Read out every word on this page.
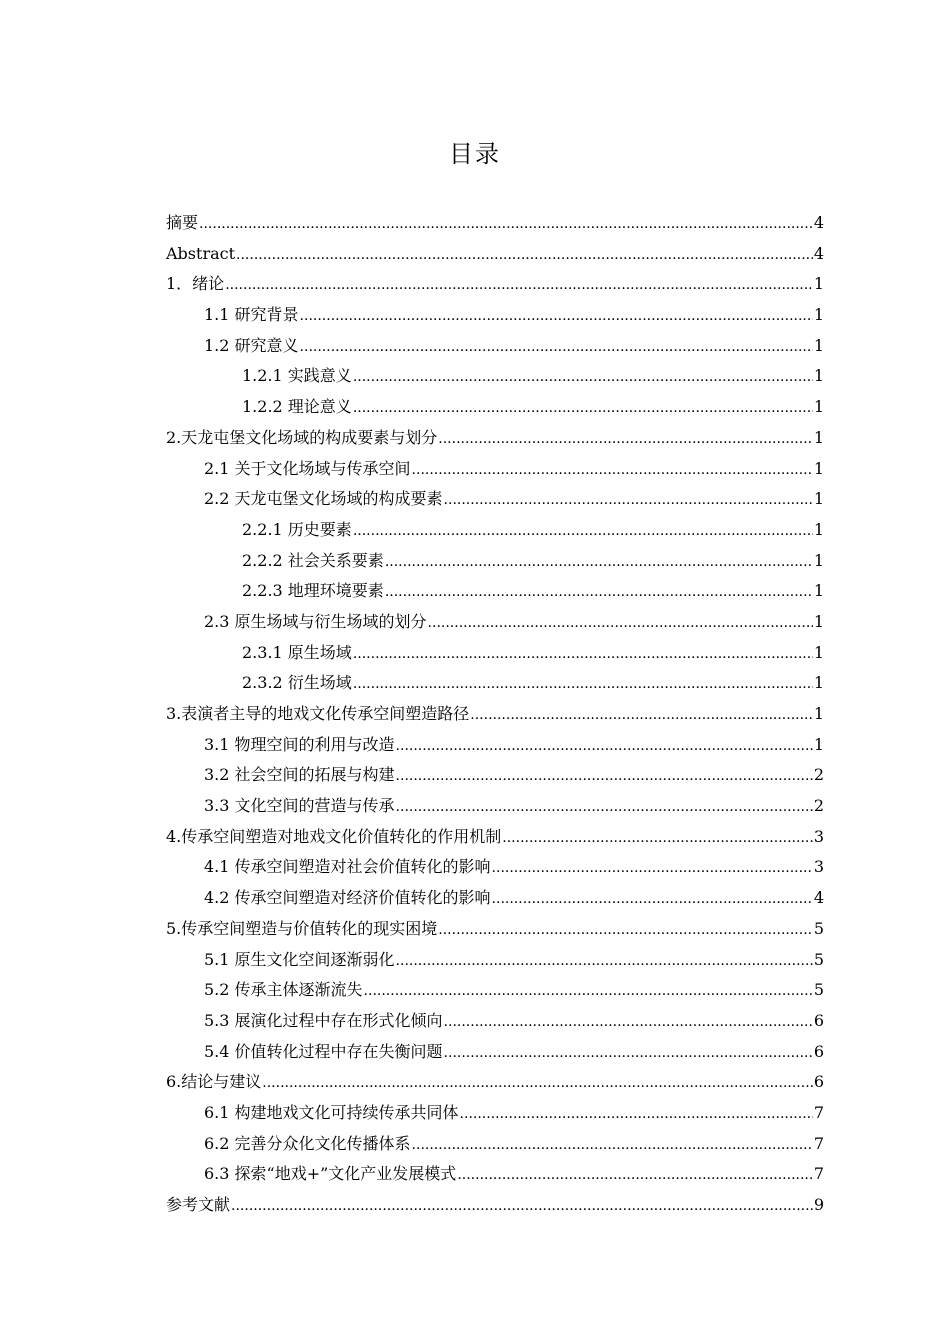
目录
摘要 .....	4
Abstract .....	4
1．绪论 .....	1
1.1 研究背景 .....	1
1.2 研究意义 .....	1
1.2.1 实践意义 .....	1
1.2.2 理论意义 .....	1
2.天龙屯堡文化场域的构成要素与划分 .....	1
2.1 关于文化场域与传承空间 .....	1
2.2 天龙屯堡文化场域的构成要素 .....	1
2.2.1 历史要素 .....	1
2.2.2 社会关系要素 .....	1
2.2.3 地理环境要素 .....	1
2.3 原生场域与衍生场域的划分 .....	1
2.3.1 原生场域 .....	1
2.3.2 衍生场域 .....	1
3.表演者主导的地戏文化传承空间塑造路径 .....	1
3.1 物理空间的利用与改造 .....	1
3.2 社会空间的拓展与构建 .....	2
3.3 文化空间的营造与传承 .....	2
4.传承空间塑造对地戏文化价值转化的作用机制 .....	3
4.1 传承空间塑造对社会价值转化的影响 .....	3
4.2 传承空间塑造对经济价值转化的影响 .....	4
5.传承空间塑造与价值转化的现实困境 .....	5
5.1 原生文化空间逐渐弱化 .....	5
5.2 传承主体逐渐流失 .....	5
5.3 展演化过程中存在形式化倾向 .....	6
5.4 价值转化过程中存在失衡问题 .....	6
6.结论与建议 .....	6
6.1 构建地戏文化可持续传承共同体 .....	7
6.2 完善分众化文化传播体系 .....	7
6.3 探索“地戏+”文化产业发展模式 .....	7
参考文献 .....	9
